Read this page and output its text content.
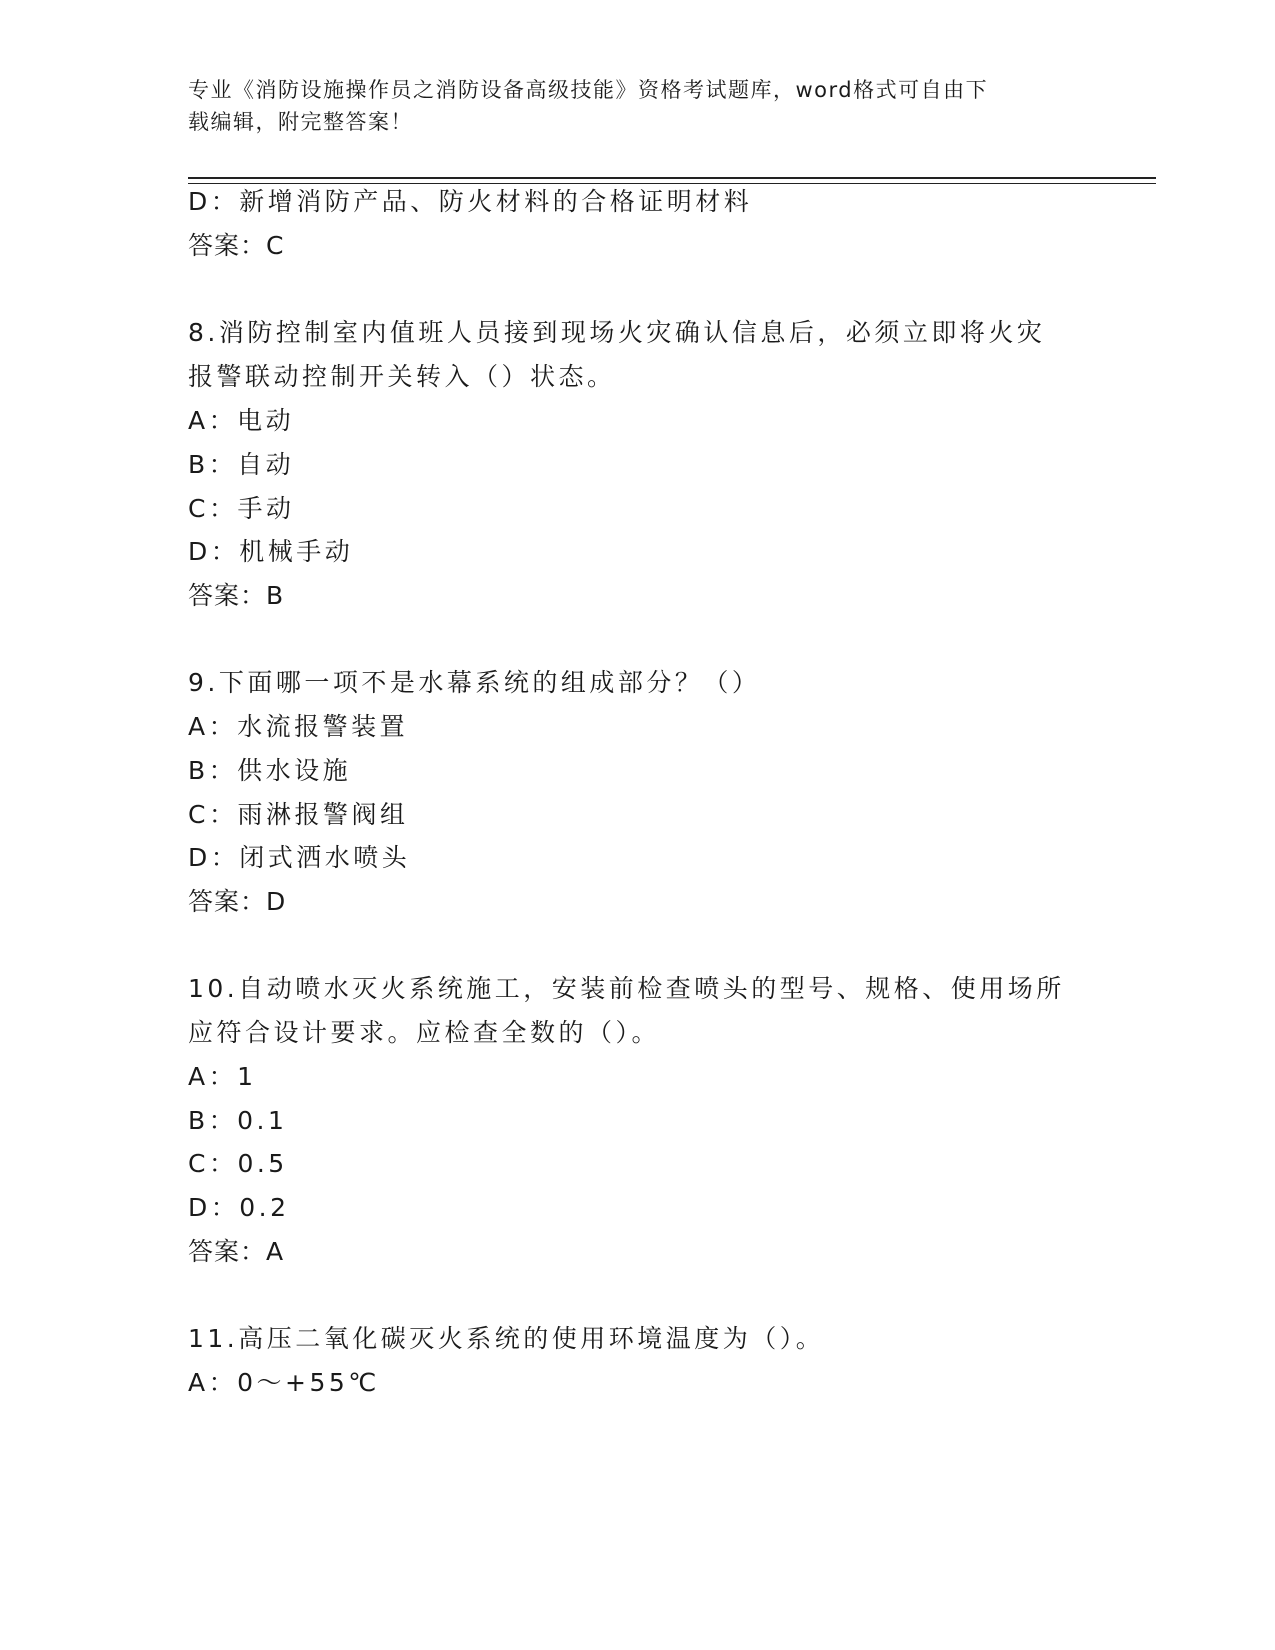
专业《消防设施操作员之消防设备高级技能》资格考试题库，word格式可自由下
载编辑，附完整答案！
D：新增消防产品、防火材料的合格证明材料
答案：C
8.消防控制室内值班人员接到现场火灾确认信息后，必须立即将火灾
报警联动控制开关转入（）状态。
A：电动
B：自动
C：手动
D：机械手动
答案：B
9.下面哪一项不是水幕系统的组成部分？（）
A：水流报警装置
B：供水设施
C：雨淋报警阀组
D：闭式洒水喷头
答案：D
10.自动喷水灭火系统施工，安装前检查喷头的型号、规格、使用场所
应符合设计要求。应检查全数的（）。
A：1
B：0.1
C：0.5
D：0.2
答案：A
11.高压二氧化碳灭火系统的使用环境温度为（）。
A：0～+55℃
